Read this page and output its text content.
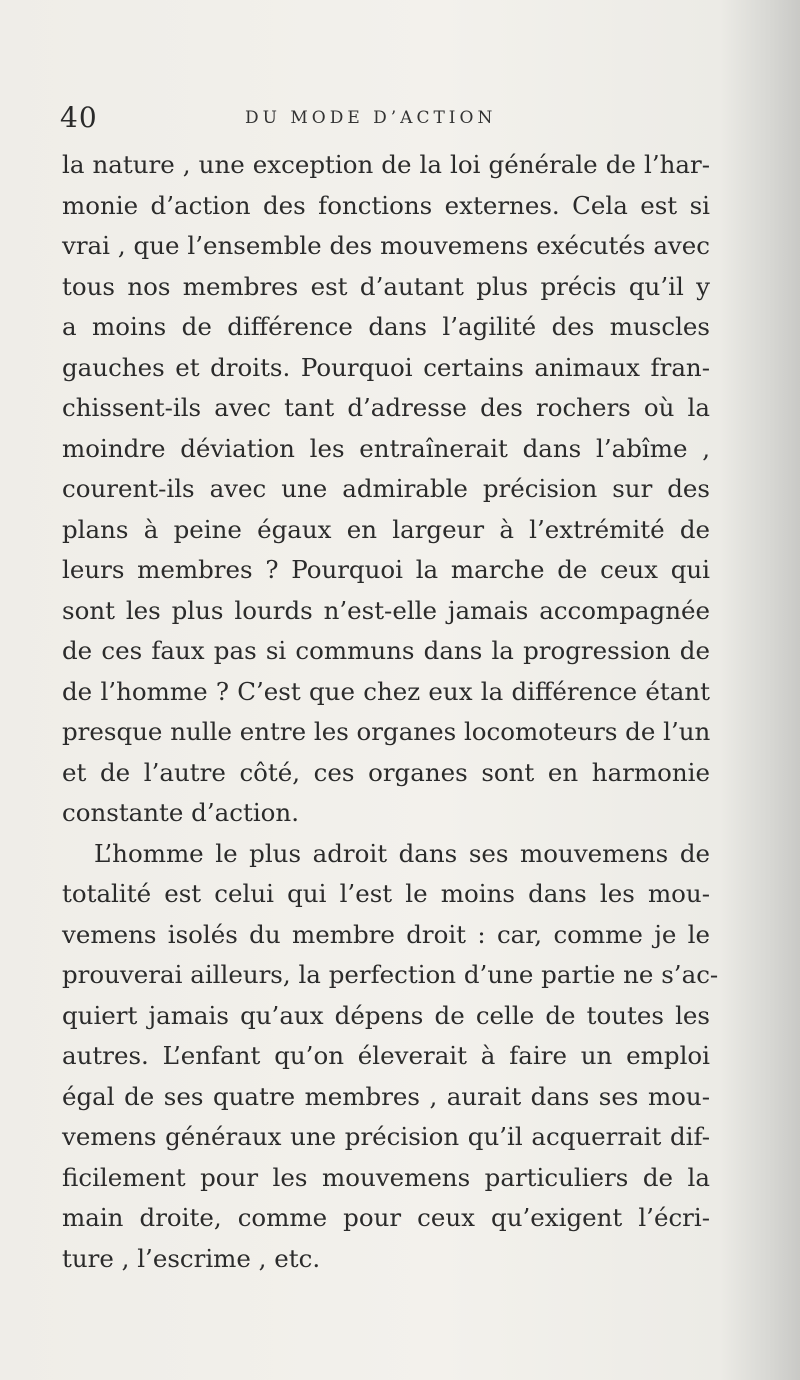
40	DU MODE D’ACTION

la nature , une exception de la loi générale de l’har-
monie d’action des fonctions externes. Cela est si
vrai , que l’ensemble des mouvemens exécutés avec
tous nos membres est d’autant plus précis qu’il y
a moins de différence dans l’agilité des muscles
gauches et droits. Pourquoi certains animaux fran-
chissent-ils avec tant d’adresse des rochers où la
moindre déviation les entraînerait dans l’abîme ,
courent-ils avec une admirable précision sur des
plans à peine égaux en largeur à l’extrémité de
leurs membres ? Pourquoi la marche de ceux qui
sont les plus lourds n’est-elle jamais accompagnée
de ces faux pas si communs dans la progression de
de l’homme ? C’est que chez eux la différence étant
presque nulle entre les organes locomoteurs de l’un
et de l’autre côté, ces organes sont en harmonie
constante d’action.

L’homme le plus adroit dans ses mouvemens de
totalité est celui qui l’est le moins dans les mou-
vemens isolés du membre droit : car, comme je le
prouverai ailleurs, la perfection d’une partie ne s’ac-
quiert jamais qu’aux dépens de celle de toutes les
autres. L’enfant qu’on éleverait à faire un emploi
égal de ses quatre membres , aurait dans ses mou-
vemens généraux une précision qu’il acquerrait dif-
ficilement pour les mouvemens particuliers de la
main droite, comme pour ceux qu’exigent l’écri-
ture , l’escrime , etc.
